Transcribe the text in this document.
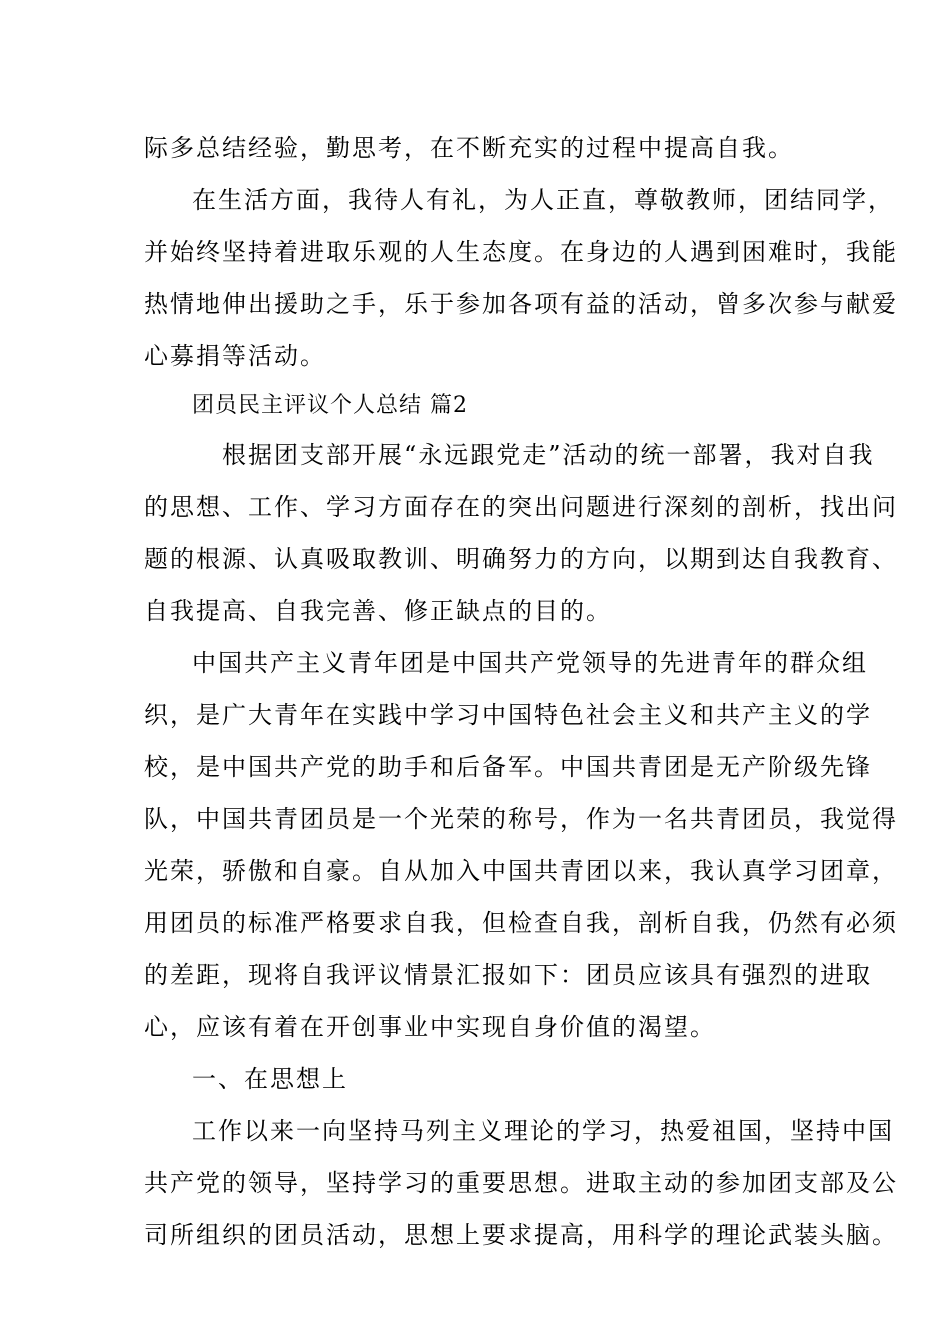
际多总结经验，勤思考，在不断充实的过程中提高自我。
在生活方面，我待人有礼，为人正直，尊敬教师，团结同学，
并始终坚持着进取乐观的人生态度。在身边的人遇到困难时，我能
热情地伸出援助之手，乐于参加各项有益的活动，曾多次参与献爱
心募捐等活动。
团员民主评议个人总结 篇2
根据团支部开展“永远跟党走”活动的统一部署，我对自我
的思想、工作、学习方面存在的突出问题进行深刻的剖析，找出问
题的根源、认真吸取教训、明确努力的方向，以期到达自我教育、
自我提高、自我完善、修正缺点的目的。
中国共产主义青年团是中国共产党领导的先进青年的群众组
织，是广大青年在实践中学习中国特色社会主义和共产主义的学
校，是中国共产党的助手和后备军。中国共青团是无产阶级先锋
队，中国共青团员是一个光荣的称号，作为一名共青团员，我觉得
光荣，骄傲和自豪。自从加入中国共青团以来，我认真学习团章，
用团员的标准严格要求自我，但检查自我，剖析自我，仍然有必须
的差距，现将自我评议情景汇报如下：团员应该具有强烈的进取
心，应该有着在开创事业中实现自身价值的渴望。
一、在思想上
工作以来一向坚持马列主义理论的学习，热爱祖国，坚持中国
共产党的领导，坚持学习的重要思想。进取主动的参加团支部及公
司所组织的团员活动，思想上要求提高，用科学的理论武装头脑。
